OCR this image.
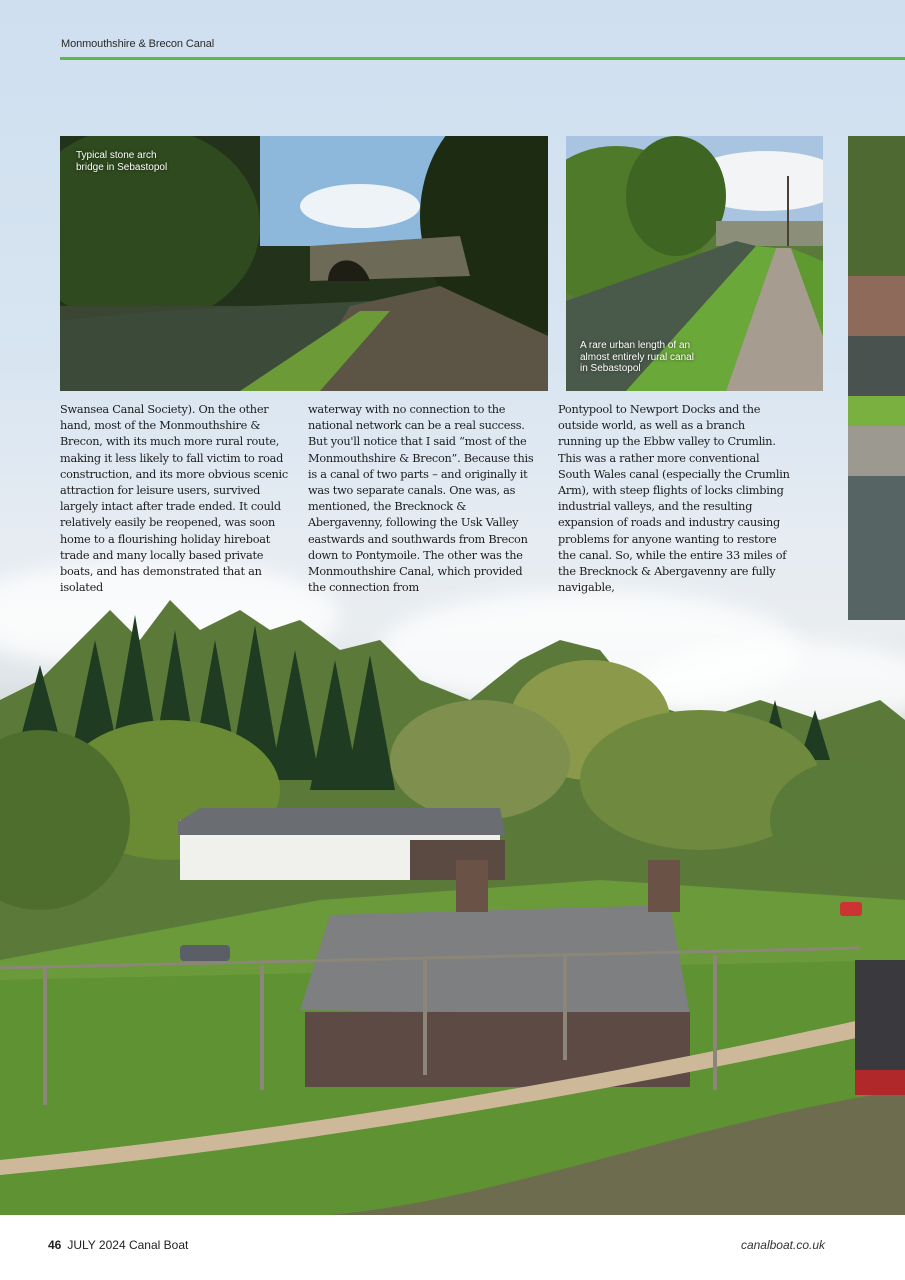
Monmouthshire & Brecon Canal
Typical stone arch bridge in Sebastopol
A rare urban length of an almost entirely rural canal in Sebastopol
Swansea Canal Society). On the other hand, most of the Monmouthshire & Brecon, with its much more rural route, making it less likely to fall victim to road construction, and its more obvious scenic attraction for leisure users, survived largely intact after trade ended. It could relatively easily be reopened, was soon home to a flourishing holiday hireboat trade and many locally based private boats, and has demonstrated that an isolated
waterway with no connection to the national network can be a real success.
But you'll notice that I said “most of the Monmouthshire & Brecon”. Because this is a canal of two parts – and originally it was two separate canals. One was, as mentioned, the Brecknock & Abergavenny, following the Usk Valley eastwards and southwards from Brecon down to Pontymoile. The other was the Monmouthshire Canal, which provided the connection from
Pontypool to Newport Docks and the outside world, as well as a branch running up the Ebbw valley to Crumlin. This was a rather more conventional South Wales canal (especially the Crumlin Arm), with steep flights of locks climbing industrial valleys, and the resulting expansion of roads and industry causing problems for anyone wanting to restore the canal. So, while the entire 33 miles of the Brecknock & Abergavenny are fully navigable,
46 JULY 2024 Canal Boat	canalboat.co.uk
